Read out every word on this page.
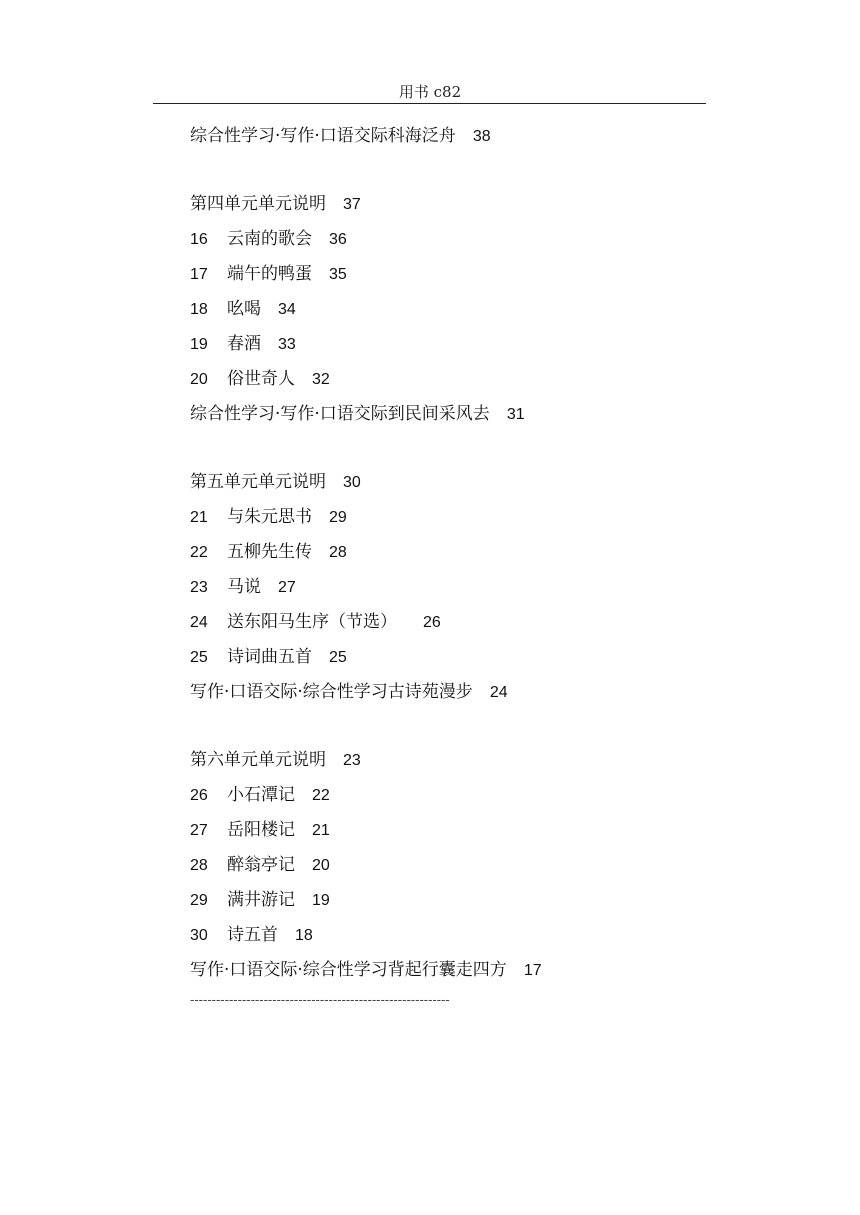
用书 c82
综合性学习·写作·口语交际科海泛舟 38
第四单元单元说明 37
16 云南的歌会 36
17 端午的鸭蛋 35
18 吆喝 34
19 春酒 33
20 俗世奇人 32
综合性学习·写作·口语交际到民间采风去 31
第五单元单元说明 30
21 与朱元思书 29
22 五柳先生传 28
23 马说 27
24 送东阳马生序（节选） 26
25 诗词曲五首 25
写作·口语交际·综合性学习古诗苑漫步 24
第六单元单元说明 23
26 小石潭记 22
27 岳阳楼记 21
28 醉翁亭记 20
29 满井游记 19
30 诗五首 18
写作·口语交际·综合性学习背起行囊走四方 17
------------------------------------------------------------
